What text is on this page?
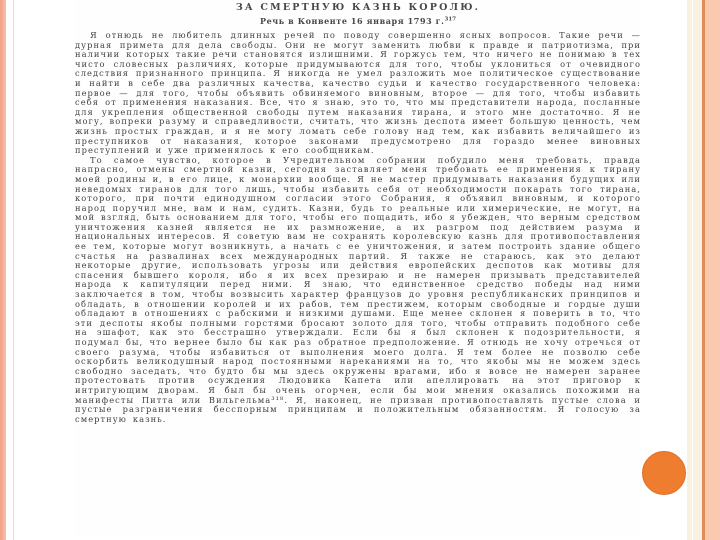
ЗА СМЕРТНУЮ КАЗНЬ КОРОЛЮ.
Речь в Конвенте 16 января 1793 г.$^{317}$

Я отнюдь не любитель длинных речей по поводу совершенно ясных вопросов. Такие речи — дурная примета для дела свободы. Они не могут заменить любви к правде и патриотизма, при наличии которых такие речи становятся излишними. Я горжусь тем, что ничего не понимаю в тех чисто словесных различиях, которые придумываются для того, чтобы уклониться от очевидного следствия признанного принципа. Я никогда не умел разложить мое политическое существование и найти в себе два различных качества, качество судьи и качество государственного человека: первое — для того, чтобы объявить обвиняемого виновным, второе — для того, чтобы избавить себя от применения наказания. Все, что я знаю, это то, что мы представители народа, посланные для укрепления общественной свободы путем наказания тирана, и этого мне достаточно. Я не могу, вопреки разуму и справедливости, считать, что жизнь деспота имеет большую ценность, чем жизнь простых граждан, и я не могу ломать себе голову над тем, как избавить величайшего из преступников от наказания, которое законами предусмотрено для гораздо менее виновных преступлений и уже применялось к его сообщникам.

То самое чувство, которое в Учредительном собрании побудило меня требовать, правда напрасно, отмены смертной казни, сегодня заставляет меня требовать ее применения к тирану моей родины и, в его лице, к монархии вообще. Я не мастер придумывать наказания будущих или неведомых тиранов для того лишь, чтобы избавить себя от необходимости покарать того тирана, которого, при почти единодушном согласии этого Собрания, я объявил виновным, и которого народ поручил мне, вам и нам, судить. Казни, будь то реальные или химерические, не могут, на мой взгляд, быть основанием для того, чтобы его пощадить, ибо я убежден, что верным средством уничтожения казней является не их размножение, а их разгром под действием разума и национальных интересов. Я советую вам не сохранять королевскую казнь для противопоставления ее тем, которые могут возникнуть, а начать с ее уничтожения, и затем построить здание общего счастья на развалинах всех международных партий. Я также не стараюсь, как это делают некоторые другие, использовать угрозы или действия европейских деспотов как мотивы для спасения бывшего короля, ибо я их всех презираю и не намерен призывать представителей народа к капитуляции перед ними. Я знаю, что единственное средство победы над ними заключается в том, чтобы возвысить характер французов до уровня республиканских принципов и обладать, в отношении королей и их рабов, тем престижем, которым свободные и гордые души обладают в отношениях с рабскими и низкими душами. Еще менее склонен я поверить в то, что эти деспоты якобы полными горстями бросают золото для того, чтобы отправить подобного себе на эшафот, как это бесстрашно утверждали. Если бы я был склонен к подозрительности, я подумал бы, что вернее было бы как раз обратное предположение. Я отнюдь не хочу отречься от своего разума, чтобы избавиться от выполнения моего долга. Я тем более не позволю себе оскорбить великодушный народ постоянными нареканиями на то, что якобы мы не можем здесь свободно заседать, что будто бы мы здесь окружены врагами, ибо я вовсе не намерен заранее протестовать против осуждения Людовика Капета или апеллировать на этот приговор к интригующим дворам. Я был бы очень огорчен, если бы мои мнения оказались похожими на манифесты Питта или Вильгельма³¹⁸. Я, наконец, не призван противопоставлять пустые слова и пустые разграничения бесспорным принципам и положительным обязанностям. Я голосую за смертную казнь.
